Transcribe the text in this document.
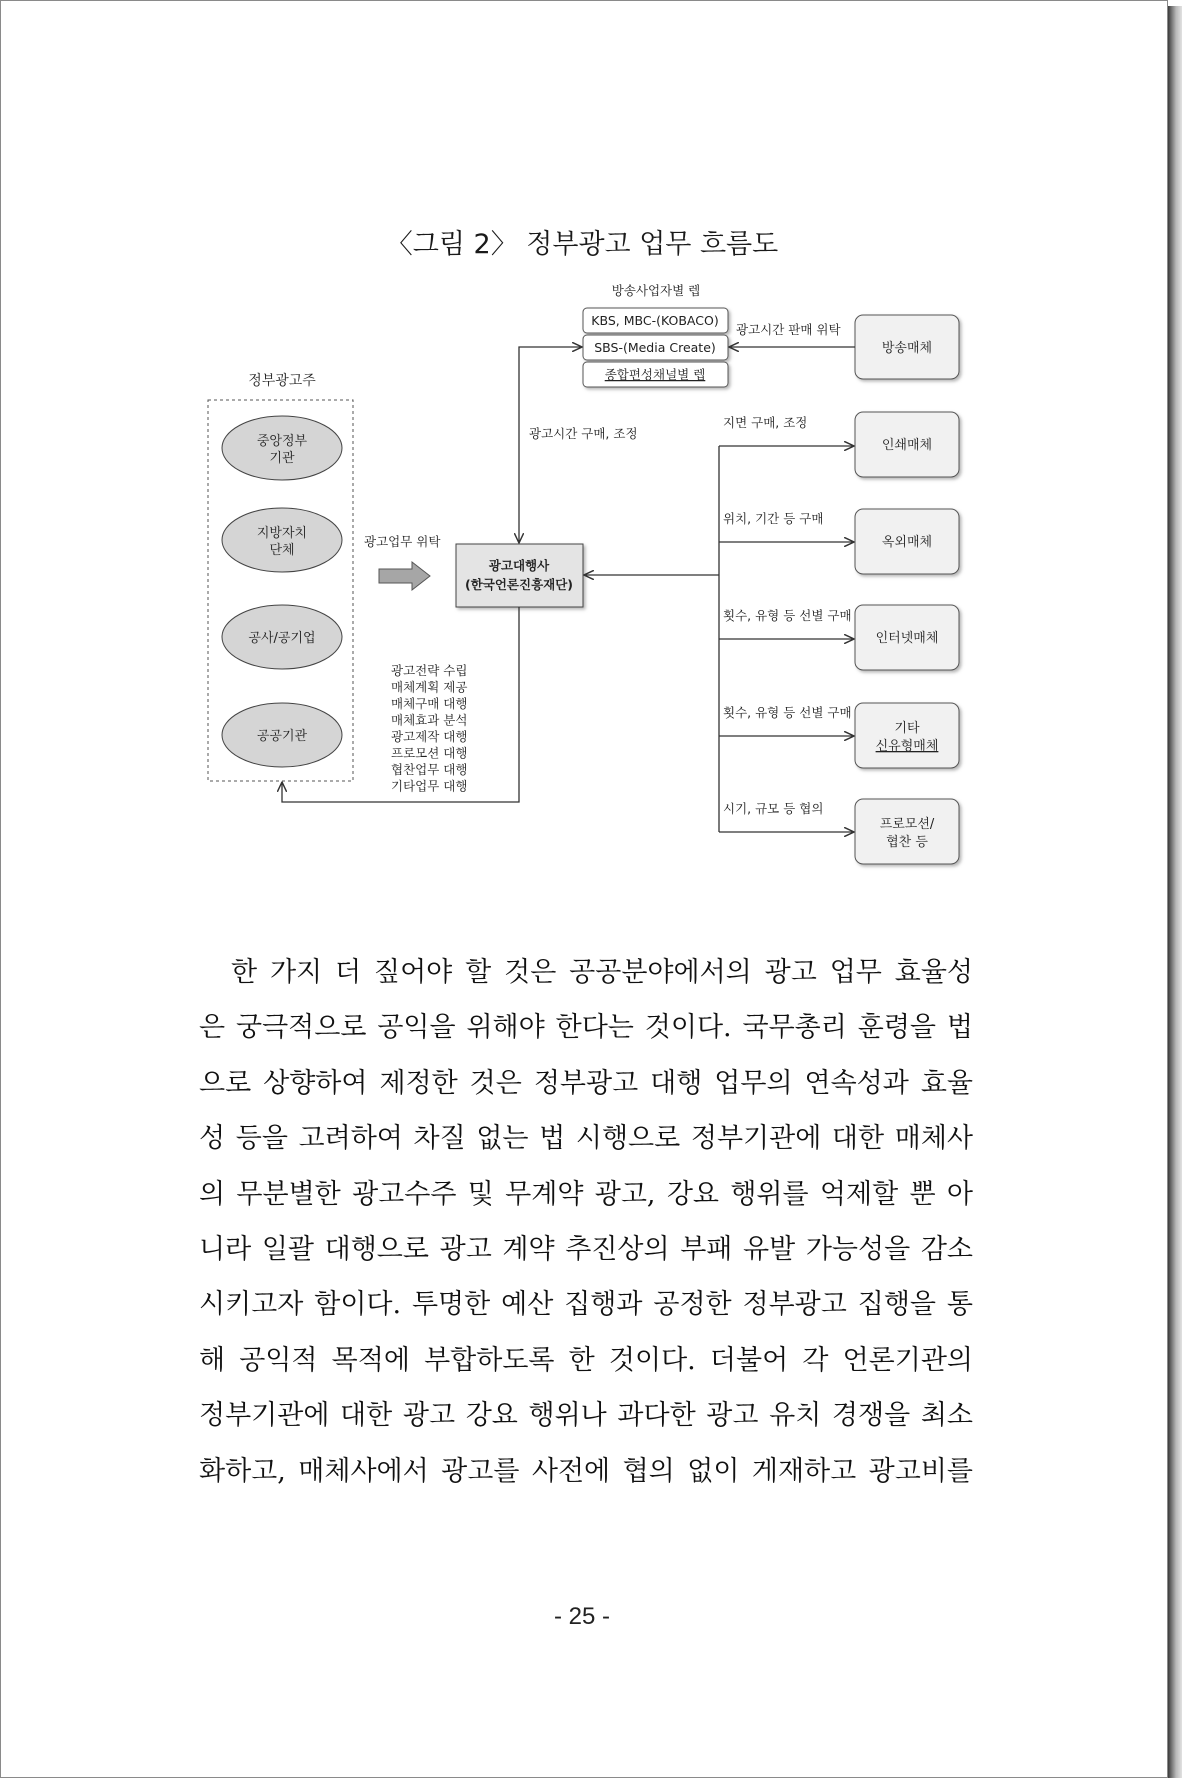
〈그림 2〉 정부광고 업무 흐름도
방송사업자별 렙
KBS, MBC-(KOBACO)
SBS-(Media Create)
종합편성채널별 렙
방송매체
광고시간 판매 위탁
정부광고주
중앙정부
기관
지방자치
단체
공사/공기업
공공기관
광고업무 위탁
광고대행사
(한국언론진흥재단)
광고시간 구매, 조정
지면 구매, 조정
인쇄매체
위치, 기간 등 구매
옥외매체
횟수, 유형 등 선별 구매
인터넷매체
횟수, 유형 등 선별 구매
기타
신유형매체
시기, 규모 등 협의
프로모션/
협찬 등
광고전략 수립
매체계획 제공
매체구매 대행
매체효과 분석
광고제작 대행
프로모션 대행
협찬업무 대행
기타업무 대행
한 가지 더 짚어야 할 것은 공공분야에서의 광고 업무 효율성
은 궁극적으로 공익을 위해야 한다는 것이다. 국무총리 훈령을 법
으로 상향하여 제정한 것은 정부광고 대행 업무의 연속성과 효율
성 등을 고려하여 차질 없는 법 시행으로 정부기관에 대한 매체사
의 무분별한 광고수주 및 무계약 광고, 강요 행위를 억제할 뿐 아
니라 일괄 대행으로 광고 계약 추진상의 부패 유발 가능성을 감소
시키고자 함이다. 투명한 예산 집행과 공정한 정부광고 집행을 통
해 공익적 목적에 부합하도록 한 것이다. 더불어 각 언론기관의
정부기관에 대한 광고 강요 행위나 과다한 광고 유치 경쟁을 최소
화하고, 매체사에서 광고를 사전에 협의 없이 게재하고 광고비를
- 25 -
